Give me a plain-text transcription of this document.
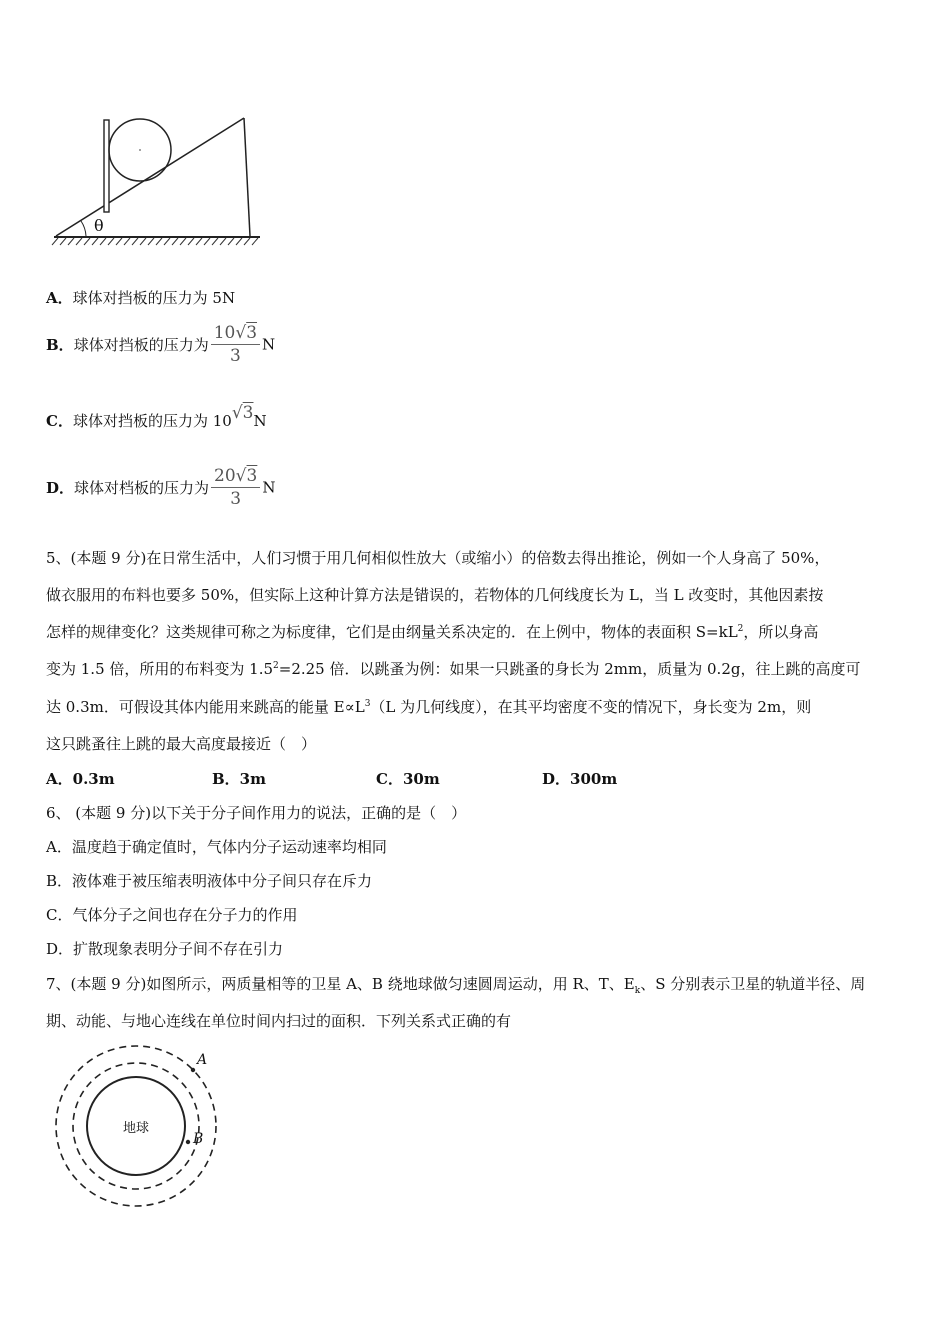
θ
A．球体对挡板的压力为 5N
B．球体对挡板的压力为 $\frac{10√3}{3}$ N
C．球体对挡板的压力为 10√3N
D．球体对档板的压力为 $\frac{20√3}{3}$ N
5、(本题 9 分)在日常生活中，人们习惯于用几何相似性放大（或缩小）的倍数去得出推论，例如一个人身高了 50%，
做衣服用的布料也要多 50%，但实际上这种计算方法是错误的，若物体的几何线度长为 L，当 L 改变时，其他因素按
怎样的规律变化？这类规律可称之为标度律，它们是由纲量关系决定的．在上例中，物体的表面积 $S=kL^2$，所以身高
变为 1.5 倍，所用的布料变为 $1.5^2=2.25$ 倍．以跳蚤为例：如果一只跳蚤的身长为 2mm，质量为 0.2g，往上跳的高度可
达 0.3m．可假设其体内能用来跳高的能量 $E\propto L^3(L$ 为几何线度），在其平均密度不变的情况下，身长变为 2m，则
这只跳蚤往上跳的最大高度最接近（　）
A．0.3m	B．3m	C．30m	D．300m
6、 (本题 9 分)以下关于分子间作用力的说法，正确的是（　）
A．温度趋于确定值时，气体内分子运动速率均相同
B．液体难于被压缩表明液体中分子间只存在斥力
C．气体分子之间也存在分子力的作用
D．扩散现象表明分子间不存在引力
7、(本题 9 分)如图所示，两质量相等的卫星 A、B 绕地球做匀速圆周运动，用 R、T、$E_k$、S 分别表示卫星的轨道半径、周
期、动能、与地心连线在单位时间内扫过的面积．下列关系式正确的有
地球
A
B
